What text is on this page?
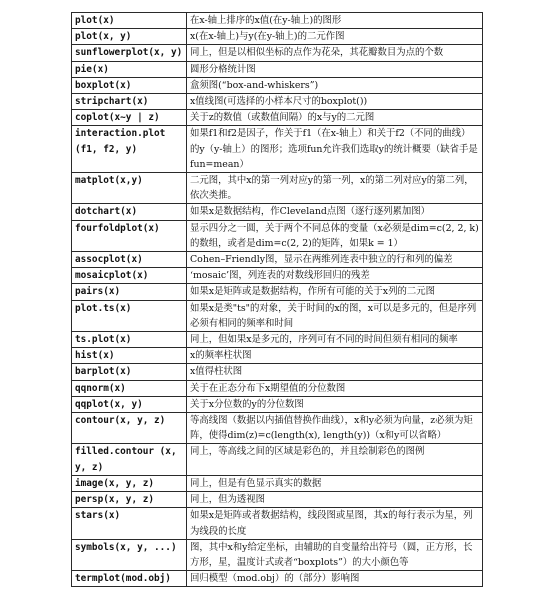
plot(x)	在x-轴上排序的x值(在y-轴上)的图形
plot(x, y)	x(在x-轴上)与y(在y-轴上)的二元作图
sunflowerplot(x, y)	同上，但是以相似坐标的点作为花朵，其花瓣数目为点的个数
pie(x)	圆形分格统计图
boxplot(x)	盒须图(“box-and-whiskers”)
stripchart(x)	x值线图(可选择的小样本尺寸的boxplot())
coplot(x~y | z)	关于z的数值（或数值间隔）的x与y的二元图
interaction.plot (f1, f2, y)	如果f1和f2是因子，作关于f1（在x-轴上）和关于f2（不同的曲线）的y（y-轴上）的图形；选项fun允许我们选取y的统计概要（缺省手是fun=mean）
matplot(x,y)	二元图，其中x的第一列对应y的第一列，x的第二列对应y的第二列，依次类推。
dotchart(x)	如果x是数据结构，作Cleveland点图（逐行逐列累加图）
fourfoldplot(x)	显示四分之一圆，关于两个不同总体的变量（x必须是dim=c(2, 2, k)的数组，或者是dim=c(2, 2)的矩阵，如果k = 1）
assocplot(x)	Cohen–Friendly图，显示在两维列连表中独立的行和列的偏差
mosaicplot(x)	‘mosaic’图，列连表的对数线形回归的残差
pairs(x)	如果x是矩阵或是数据结构，作所有可能的关于x列的二元图
plot.ts(x)	如果x是类"ts"的对象，关于时间的x的图，x可以是多元的，但是序列必须有相同的频率和时间
ts.plot(x)	同上，但如果x是多元的，序列可有不同的时间但须有相同的频率
hist(x)	x的频率柱状图
barplot(x)	x值得柱状图
qqnorm(x)	关于在正态分布下x期望值的分位数图
qqplot(x, y)	关于x分位数的y的分位数图
contour(x, y, z)	等高线图（数据以内插值替换作曲线），x和y必须为向量，z必须为矩阵，使得dim(z)=c(length(x), length(y))（x和y可以省略）
filled.contour (x, y, z)	同上，等高线之间的区域是彩色的，并且绘制彩色的图例
image(x, y, z)	同上，但是有色显示真实的数据
persp(x, y, z)	同上，但为透视图
stars(x)	如果x是矩阵或者数据结构，线段图或星图，其x的每行表示为星，列为线段的长度
symbols(x, y, ...)	图，其中x和y给定坐标，由辅助的自变量给出符号（圆，正方形，长方形，星，温度计式或者“boxplots”）的大小颜色等
termplot(mod.obj)	回归模型（mod.obj）的（部分）影响图
